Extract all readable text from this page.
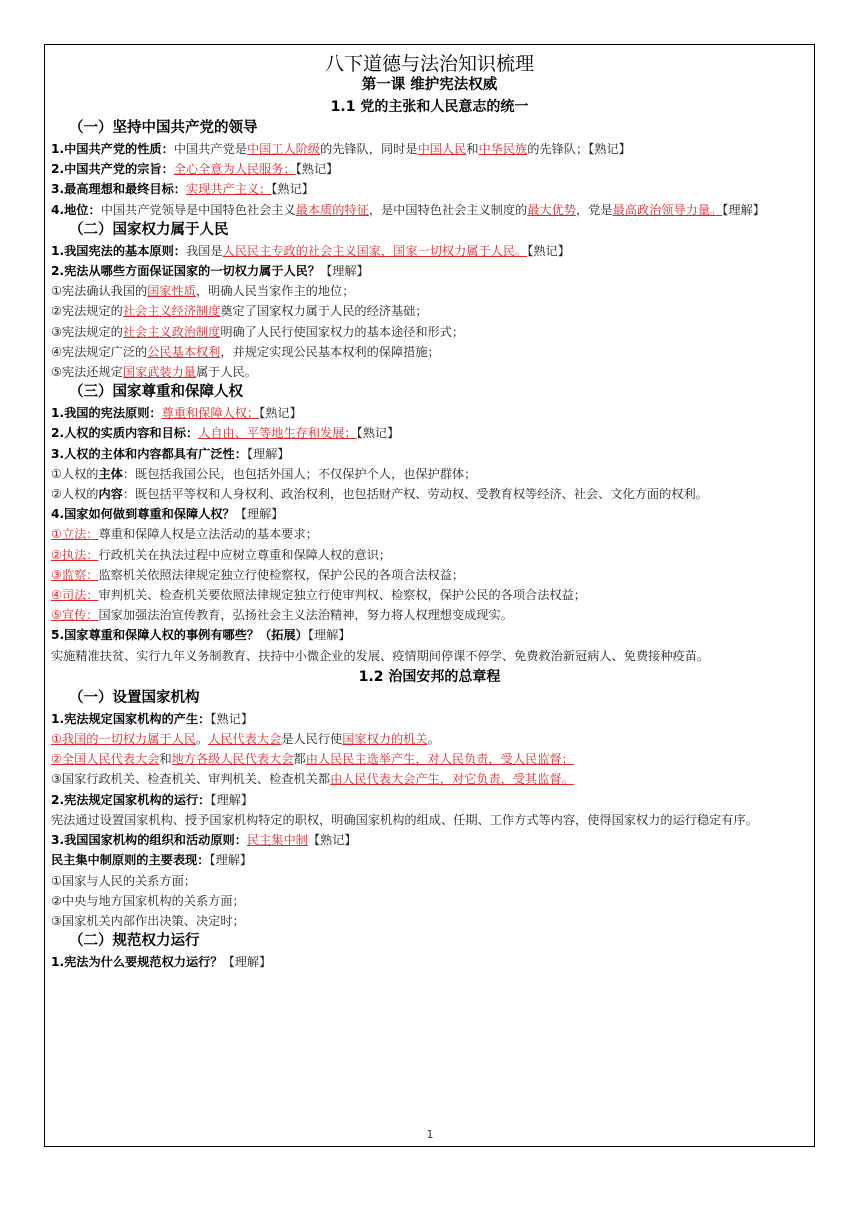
八下道德与法治知识梳理
第一课 维护宪法权威
1.1 党的主张和人民意志的统一
（一）坚持中国共产党的领导
1.中国共产党的性质：中国共产党是中国工人阶级的先锋队，同时是中国人民和中华民族的先锋队；【熟记】
2.中国共产党的宗旨：全心全意为人民服务；【熟记】
3.最高理想和最终目标：实现共产主义；【熟记】
4.地位：中国共产党领导是中国特色社会主义最本质的特征，是中国特色社会主义制度的最大优势，党是最高政治领导力量。【理解】
（二）国家权力属于人民
1.我国宪法的基本原则：我国是人民民主专政的社会主义国家，国家一切权力属于人民。【熟记】
2.宪法从哪些方面保证国家的一切权力属于人民？【理解】
①宪法确认我国的国家性质，明确人民当家作主的地位；
②宪法规定的社会主义经济制度奠定了国家权力属于人民的经济基础；
③宪法规定的社会主义政治制度明确了人民行使国家权力的基本途径和形式；
④宪法规定广泛的公民基本权利，并规定实现公民基本权利的保障措施；
⑤宪法还规定国家武装力量属于人民。
（三）国家尊重和保障人权
1.我国的宪法原则：尊重和保障人权；【熟记】
2.人权的实质内容和目标：人自由、平等地生存和发展；【熟记】
3.人权的主体和内容都具有广泛性：【理解】
①人权的主体：既包括我国公民，也包括外国人；不仅保护个人，也保护群体；
②人权的内容：既包括平等权和人身权利、政治权利，也包括财产权、劳动权、受教育权等经济、社会、文化方面的权利。
4.国家如何做到尊重和保障人权？【理解】
①立法：尊重和保障人权是立法活动的基本要求；
②执法：行政机关在执法过程中应树立尊重和保障人权的意识；
③监察：监察机关依照法律规定独立行使检察权，保护公民的各项合法权益；
④司法：审判机关、检查机关要依照法律规定独立行使审判权、检察权，保护公民的各项合法权益；
⑤宣传：国家加强法治宣传教育，弘扬社会主义法治精神，努力将人权理想变成现实。
5.国家尊重和保障人权的事例有哪些？（拓展）【理解】
实施精准扶贫、实行九年义务制教育、扶持中小微企业的发展、疫情期间停课不停学、免费救治新冠病人、免费接种疫苗。
1.2 治国安邦的总章程
（一）设置国家机构
1.宪法规定国家机构的产生：【熟记】
①我国的一切权力属于人民。人民代表大会是人民行使国家权力的机关。
②全国人民代表大会和地方各级人民代表大会都由人民民主选举产生，对人民负责，受人民监督；
③国家行政机关、检查机关、审判机关、检查机关都由人民代表大会产生，对它负责，受其监督。
2.宪法规定国家机构的运行：【理解】
宪法通过设置国家机构、授予国家机构特定的职权，明确国家机构的组成、任期、工作方式等内容，使得国家权力的运行稳定有序。
3.我国国家机构的组织和活动原则：民主集中制【熟记】
民主集中制原则的主要表现：【理解】
①国家与人民的关系方面；
②中央与地方国家机构的关系方面；
③国家机关内部作出决策、决定时；
（二）规范权力运行
1.宪法为什么要规范权力运行？【理解】
1
